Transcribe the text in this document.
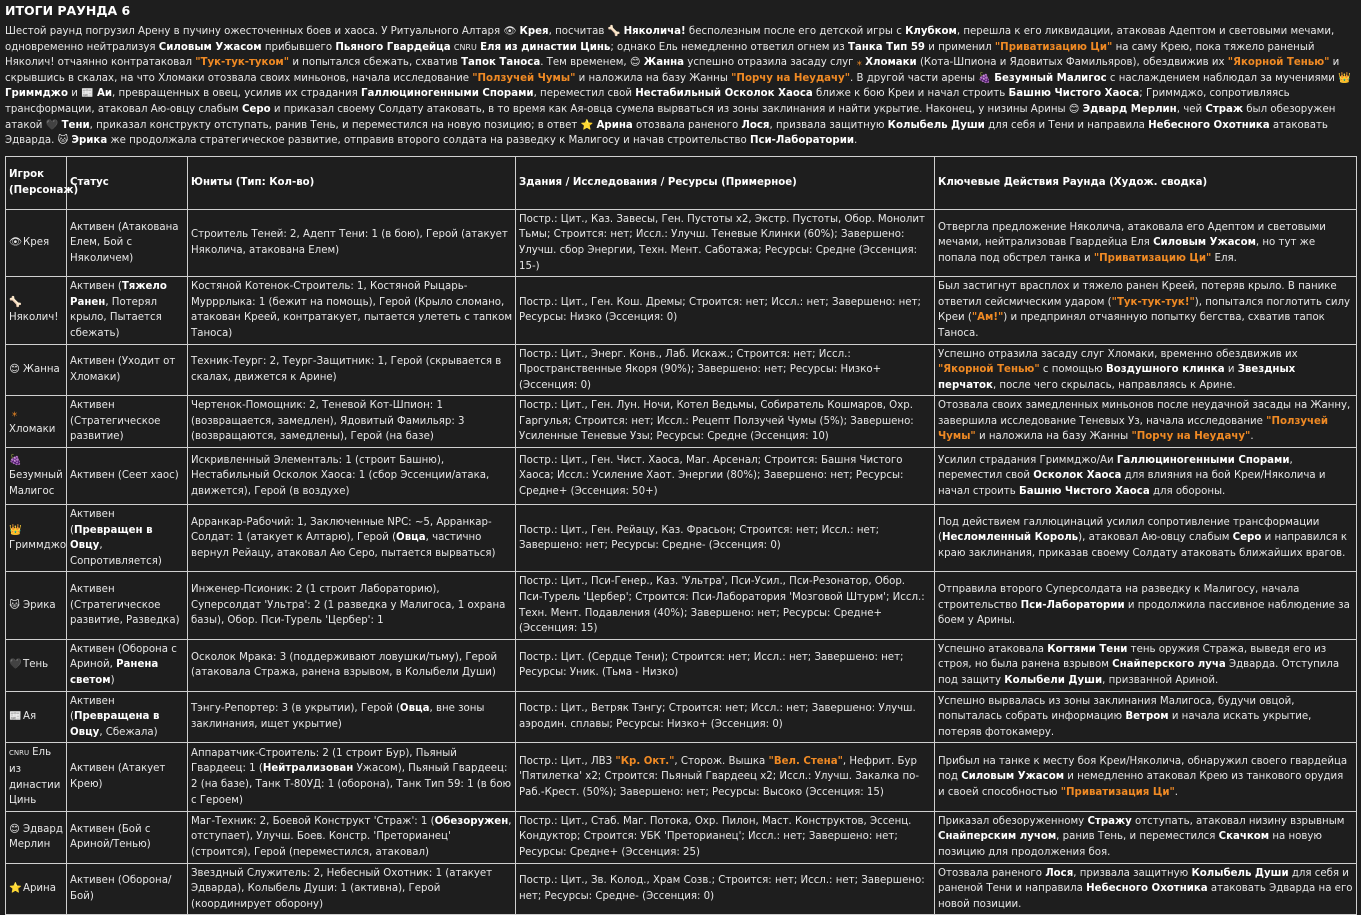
ИТОГИ РАУНДА 6

Шестой раунд погрузил Арену в пучину ожесточенных боев и хаоса. У Ритуального Алтаря 👁 Крея, посчитав 🦴 Няколича! бесполезным после его детской игры с Клубком, перешла к его ликвидации, атаковав Адептом и световыми мечами, одновременно нейтрализуя Силовым Ужасом прибывшего Пьяного Гвардейца CNRU Еля из династии Цинь; однако Ель немедленно ответил огнем из Танка Тип 59 и применил "Приватизацию Ци" на саму Крею, пока тяжело раненый Няколич! отчаянно контратаковал "Тук-тук-туком" и попытался сбежать, схватив Тапок Таноса. Тем временем, 😊 Жанна успешно отразила засаду слуг ⁎ Хломаки (Кота-Шпиона и Ядовитых Фамильяров), обездвижив их "Якорной Тенью" и скрывшись в скалах, на что Хломаки отозвала своих миньонов, начала исследование "Ползучей Чумы" и наложила на базу Жанны "Порчу на Неудачу". В другой части арены 🍇 Безумный Малигос с наслаждением наблюдал за мучениями 👑 Гриммджо и 📰 Аи, превращенных в овец, усилив их страдания Галлюциногенными Спорами, переместил свой Нестабильный Осколок Хаоса ближе к бою Креи и начал строить Башню Чистого Хаоса; Гриммджо, сопротивляясь трансформации, атаковал Аю-овцу слабым Серо и приказал своему Солдату атаковать, в то время как Ая-овца сумела вырваться из зоны заклинания и найти укрытие. Наконец, у низины Арины 😊 Эдвард Мерлин, чей Страж был обезоружен атакой 🖤 Тени, приказал конструкту отступать, ранив Тень, и переместился на новую позицию; в ответ ⭐ Арина отозвала раненого Лося, призвала защитную Колыбель Души для себя и Тени и направила Небесного Охотника атаковать Эдварда. 🐱 Эрика же продолжала стратегическое развитие, отправив второго солдата на разведку к Малигосу и начав строительство Пси-Лаборатории.

Игрок (Персонаж)	Статус	Юниты (Тип: Кол-во)	Здания / Исследования / Ресурсы (Примерное)	Ключевые Действия Раунда (Худож. сводка)
👁Крея	Активен (Атакована Елем, Бой с Няколичем)	Строитель Теней: 2, Адепт Тени: 1 (в бою), Герой (атакует Няколича, атакована Елем)	Постр.: Цит., Каз. Завесы, Ген. Пустоты x2, Экстр. Пустоты, Обор. Монолит Тьмы; Строится: нет; Иссл.: Улучш. Теневые Клинки (60%); Завершено: Улучш. сбор Энергии, Техн. Мент. Саботажа; Ресурсы: Средне (Эссенция: 15-)	Отвергла предложение Няколича, атаковала его Адептом и световыми мечами, нейтрализовав Гвардейца Еля Силовым Ужасом, но тут же попала под обстрел танка и "Приватизацию Ци" Еля.
🦴Няколич!	Активен (Тяжело Ранен, Потерял крыло, Пытается сбежать)	Костяной Котенок-Строитель: 1, Костяной Рыцарь-Мурррлыка: 1 (бежит на помощь), Герой (Крыло сломано, атакован Креей, контратакует, пытается улететь с тапком Таноса)	Постр.: Цит., Ген. Кош. Дремы; Строится: нет; Иссл.: нет; Завершено: нет; Ресурсы: Низко (Эссенция: 0)	Был застигнут врасплох и тяжело ранен Креей, потеряв крыло. В панике ответил сейсмическим ударом ("Тук-тук-тук!"), попытался поглотить силу Креи ("Ам!") и предпринял отчаянную попытку бегства, схватив тапок Таноса.
😊 Жанна	Активен (Уходит от Хломаки)	Техник-Теург: 2, Теург-Защитник: 1, Герой (скрывается в скалах, движется к Арине)	Постр.: Цит., Энерг. Конв., Лаб. Искаж.; Строится: нет; Иссл.: Пространственные Якоря (90%); Завершено: нет; Ресурсы: Низко+ (Эссенция: 0)	Успешно отразила засаду слуг Хломаки, временно обездвижив их "Якорной Тенью" с помощью Воздушного клинка и Звездных перчаток, после чего скрылась, направляясь к Арине.
⁎Хломаки	Активен (Стратегическое развитие)	Чертенок-Помощник: 2, Теневой Кот-Шпион: 1 (возвращается, замедлен), Ядовитый Фамильяр: 3 (возвращаются, замедлены), Герой (на базе)	Постр.: Цит., Ген. Лун. Ночи, Котел Ведьмы, Собиратель Кошмаров, Охр. Гаргулья; Строится: нет; Иссл.: Рецепт Ползучей Чумы (5%); Завершено: Усиленные Теневые Узы; Ресурсы: Средне (Эссенция: 10)	Отозвала своих замедленных миньонов после неудачной засады на Жанну, завершила исследование Теневых Уз, начала исследование "Ползучей Чумы" и наложила на базу Жанны "Порчу на Неудачу".
🍇Безумный Малигос	Активен (Сеет хаос)	Искривленный Элементаль: 1 (строит Башню), Нестабильный Осколок Хаоса: 1 (сбор Эссенции/атака, движется), Герой (в воздухе)	Постр.: Цит., Ген. Чист. Хаоса, Маг. Арсенал; Строится: Башня Чистого Хаоса; Иссл.: Усиление Хаот. Энергии (80%); Завершено: нет; Ресурсы: Средне+ (Эссенция: 50+)	Усилил страдания Гриммджо/Аи Галлюциногенными Спорами, переместил свой Осколок Хаоса для влияния на бой Креи/Няколича и начал строить Башню Чистого Хаоса для обороны.
👑Гриммджо	Активен (Превращен в Овцу, Сопротивляется)	Арранкар-Рабочий: 1, Заключенные NPC: ~5, Арранкар-Солдат: 1 (атакует к Алтарю), Герой (Овца, частично вернул Рейацу, атаковал Аю Серо, пытается вырваться)	Постр.: Цит., Ген. Рейацу, Каз. Фрасьон; Строится: нет; Иссл.: нет; Завершено: нет; Ресурсы: Средне- (Эссенция: 0)	Под действием галлюцинаций усилил сопротивление трансформации (Несломленный Король), атаковал Аю-овцу слабым Серо и направился к краю заклинания, приказав своему Солдату атаковать ближайших врагов.
🐱 Эрика	Активен (Стратегическое развитие, Разведка)	Инженер-Псионик: 2 (1 строит Лабораторию), Суперсолдат 'Ультра': 2 (1 разведка у Малигоса, 1 охрана базы), Обор. Пси-Турель 'Цербер': 1	Постр.: Цит., Пси-Генер., Каз. 'Ультра', Пси-Усил., Пси-Резонатор, Обор. Пси-Турель 'Цербер'; Строится: Пси-Лаборатория 'Мозговой Штурм'; Иссл.: Техн. Мент. Подавления (40%); Завершено: нет; Ресурсы: Средне+ (Эссенция: 15)	Отправила второго Суперсолдата на разведку к Малигосу, начала строительство Пси-Лаборатории и продолжила пассивное наблюдение за боем у Арины.
🖤Тень	Активен (Оборона с Ариной, Ранена светом)	Осколок Мрака: 3 (поддерживают ловушки/тьму), Герой (атаковала Стража, ранена взрывом, в Колыбели Души)	Постр.: Цит. (Сердце Тени); Строится: нет; Иссл.: нет; Завершено: нет; Ресурсы: Уник. (Тьма - Низко)	Успешно атаковала Когтями Тени тень оружия Стража, выведя его из строя, но была ранена взрывом Снайперского луча Эдварда. Отступила под защиту Колыбели Души, призванной Ариной.
📰Ая	Активен (Превращена в Овцу, Сбежала)	Тэнгу-Репортер: 3 (в укрытии), Герой (Овца, вне зоны заклинания, ищет укрытие)	Постр.: Цит., Ветряк Тэнгу; Строится: нет; Иссл.: нет; Завершено: Улучш. аэродин. сплавы; Ресурсы: Низко+ (Эссенция: 0)	Успешно вырвалась из зоны заклинания Малигоса, будучи овцой, попыталась собрать информацию Ветром и начала искать укрытие, потеряв фотокамеру.
CNRU Ель из династии Цинь	Активен (Атакует Крею)	Аппаратчик-Строитель: 2 (1 строит Бур), Пьяный Гвардеец: 1 (Нейтрализован Ужасом), Пьяный Гвардеец: 2 (на базе), Танк Т-80УД: 1 (оборона), Танк Тип 59: 1 (в бою с Героем)	Постр.: Цит., ЛВЗ "Кр. Окт.", Сторож. Вышка "Вел. Стена", Нефрит. Бур 'Пятилетка' x2; Строится: Пьяный Гвардеец x2; Иссл.: Улучш. Закалка по-Раб.-Крест. (50%); Завершено: нет; Ресурсы: Высоко (Эссенция: 15)	Прибыл на танке к месту боя Креи/Няколича, обнаружил своего гвардейца под Силовым Ужасом и немедленно атаковал Крею из танкового орудия и своей способностью "Приватизация Ци".
😊 Эдвард Мерлин	Активен (Бой с Ариной/Тенью)	Маг-Техник: 2, Боевой Конструкт 'Страж': 1 (Обезоружен, отступает), Улучш. Боев. Констр. 'Преторианец' (строится), Герой (переместился, атаковал)	Постр.: Цит., Стаб. Маг. Потока, Охр. Пилон, Маст. Конструктов, Эссенц. Кондуктор; Строится: УБК 'Преторианец'; Иссл.: нет; Завершено: нет; Ресурсы: Средне+ (Эссенция: 25)	Приказал обезоруженному Стражу отступать, атаковал низину взрывным Снайперским лучом, ранив Тень, и переместился Скачком на новую позицию для продолжения боя.
⭐Арина	Активен (Оборона/Бой)	Звездный Служитель: 2, Небесный Охотник: 1 (атакует Эдварда), Колыбель Души: 1 (активна), Герой (координирует оборону)	Постр.: Цит., Зв. Колод., Храм Созв.; Строится: нет; Иссл.: нет; Завершено: нет; Ресурсы: Средне- (Эссенция: 0)	Отозвала раненого Лося, призвала защитную Колыбель Души для себя и раненой Тени и направила Небесного Охотника атаковать Эдварда на его новой позиции.
